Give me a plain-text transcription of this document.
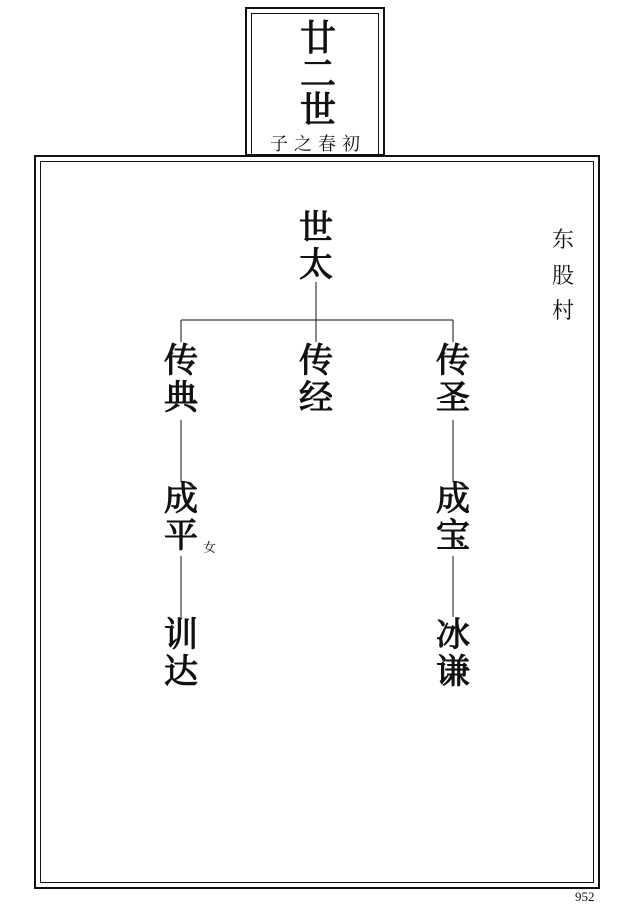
廿
二
世
子之春初
世
太
传
典
传
经
传
圣
成
平 女
成
宝
训
达
冰
谦
东
股
村
952
